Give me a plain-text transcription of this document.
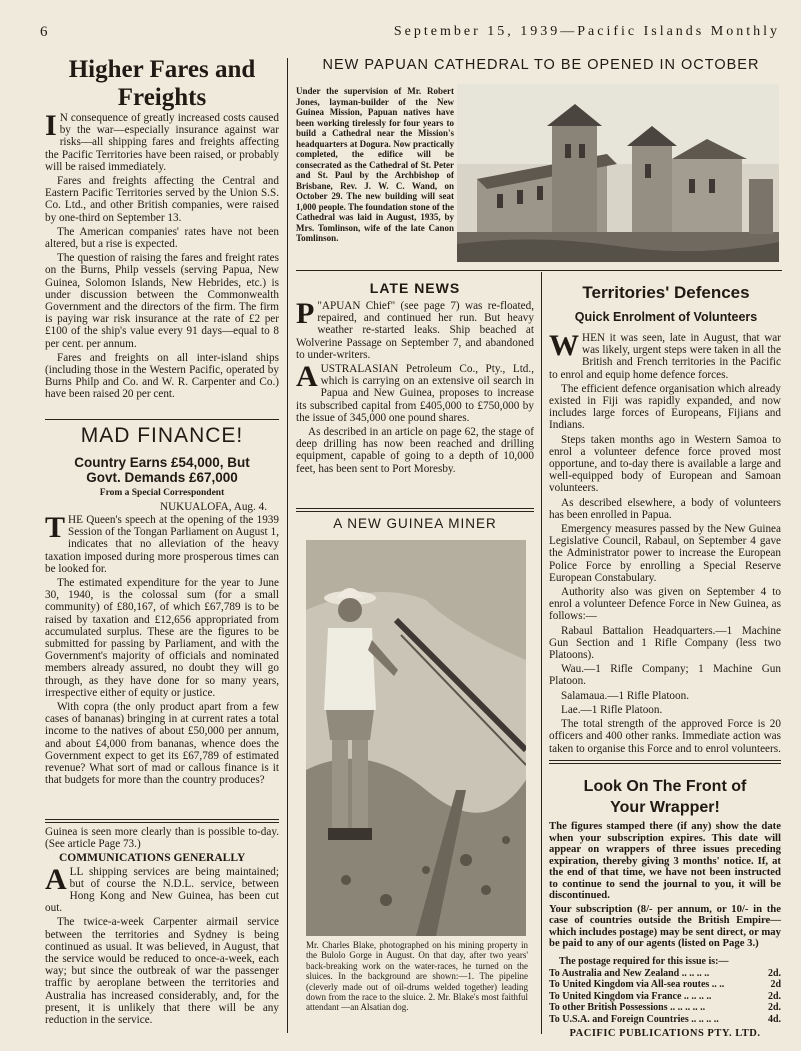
6	September 15, 1939—Pacific Islands Monthly
Higher Fares and
Freights

I N consequence of greatly increased costs caused by the war—especially insurance against war risks—all shipping fares and freights affecting the Pacific Territories have been raised, or probably will be raised immediately.

Fares and freights affecting the Central and Eastern Pacific Territories served by the Union S.S. Co. Ltd., and other British companies, were raised by one-third on September 13.

The American companies' rates have not been altered, but a rise is expected.

The question of raising the fares and freight rates on the Burns, Philp vessels (serving Papua, New Guinea, Solomon Islands, New Hebrides, etc.) is under discussion between the Commonwealth Government and the directors of the firm. The firm is paying war risk insurance at the rate of £2 per £100 of the ship's value every 91 days—equal to 8 per cent. per annum.

Fares and freights on all inter-island ships (including those in the Western Pacific, operated by Burns Philp and Co. and W. R. Carpenter and Co.) have been raised 20 per cent.

MAD FINANCE!
Country Earns £54,000, But
Govt. Demands £67,000
From a Special Correspondent
NUKUALOFA, Aug. 4.

THE Queen's speech at the opening of the 1939 Session of the Tongan Parliament on August 1, indicates that no alleviation of the heavy taxation imposed during more prosperous times can be looked for.

The estimated expenditure for the year to June 30, 1940, is the colossal sum (for a small community) of £80,167, of which £67,789 is to be raised by taxation and £12,656 appropriated from accumulated surplus. These are the figures to be submitted for passing by Parliament, and with the Government's majority of officials and nominated members already assured, no doubt they will go through, as they have done for so many years, irrespective either of equity or justice.

With copra (the only product apart from a few cases of bananas) bringing in at current rates a total income to the natives of about £50,000 per annum, and about £4,000 from bananas, whence does the Government expect to get its £67,789 of estimated revenue? What sort of mad or callous finance is it that budgets for more than the country produces?

Guinea is seen more clearly than is possible to-day. (See article Page 73.)

COMMUNICATIONS GENERALLY

ALL shipping services are being maintained; but of course the N.D.L. service, between Hong Kong and New Guinea, has been cut out.

The twice-a-week Carpenter airmail service between the territories and Sydney is being continued as usual. It was believed, in August, that the service would be reduced to once-a-week, each way; but since the outbreak of war the passenger traffic by aeroplane between the territories and Australia has increased considerably, and, for the present, it is unlikely that there will be any reduction in the service.

NEW PAPUAN CATHEDRAL TO BE OPENED IN OCTOBER
Under the supervision of Mr. Robert Jones, layman-builder of the New Guinea Mission, Papuan natives have been working tirelessly for four years to build a Cathedral near the Mission's headquarters at Dogura. Now practically completed, the edifice will be consecrated as the Cathedral of St. Peter and St. Paul by the Archbishop of Brisbane, Rev. J. W. C. Wand, on October 29. The new building will seat 1,000 people. The foundation stone of the Cathedral was laid in August, 1935, by Mrs. Tomlinson, wife of the late Canon Tomlinson.
LATE NEWS

P "APUAN Chief" (see page 7) was re-floated, repaired, and continued her run. But heavy weather re-started leaks. Ship beached at Wolverine Passage on September 7, and abandoned to under-writers.

AUSTRALASIAN Petroleum Co., Pty., Ltd., which is carrying on an extensive oil search in Papua and New Guinea, proposes to increase its subscribed capital from £405,000 to £750,000 by the issue of 345,000 one pound shares.

As described in an article on page 62, the stage of deep drilling has now been reached and drilling equipment, capable of going to a depth of 10,000 feet, has been sent to Port Moresby.

A NEW GUINEA MINER
Mr. Charles Blake, photographed on his mining property in the Bulolo Gorge in August. On that day, after two years' back-breaking work on the water-races, he turned on the sluices. In the background are shown:—1. The pipeline (cleverly made out of oil-drums welded together) leading down from the race to the sluice. 2. Mr. Blake's most faithful attendant —an Alsatian dog.
Territories' Defences
Quick Enrolment of Volunteers

WHEN it was seen, late in August, that war was likely, urgent steps were taken in all the British and French territories in the Pacific to enrol and equip home defence forces.

The efficient defence organisation which already existed in Fiji was rapidly expanded, and now includes large forces of Europeans, Fijians and Indians.

Steps taken months ago in Western Samoa to enrol a volunteer defence force proved most opportune, and to-day there is available a large and well-equipped body of European and Samoan volunteers.

As described elsewhere, a body of volunteers has been enrolled in Papua.

Emergency measures passed by the New Guinea Legislative Council, Rabaul, on September 4 gave the Administrator power to increase the European Police Force by enrolling a Special Reserve European Constabulary.

Authority also was given on September 4 to enrol a volunteer Defence Force in New Guinea, as follows:—

Rabaul Battalion Headquarters.—1 Machine Gun Section and 1 Rifle Company (less two Platoons).

Wau.—1 Rifle Company; 1 Machine Gun Platoon.

Salamaua.—1 Rifle Platoon.

Lae.—1 Rifle Platoon.

The total strength of the approved Force is 20 officers and 400 other ranks. Immediate action was taken to organise this Force and to enrol volunteers.

Look On The Front of
Your Wrapper!

The figures stamped there (if any) show the date when your subscription expires. This date will appear on wrappers of three issues preceding expiration, thereby giving 3 months' notice. If, at the end of that time, we have not been instructed to continue to send the journal to you, it will be discontinued.

Your subscription (8/- per annum, or 10/- in the case of countries outside the British Empire—which includes postage) may be sent direct, or may be paid to any of our agents (listed on Page 3.)

The postage required for this issue is:—
To Australia and New Zealand .. .. .. ..	2d.
To United Kingdom via All-sea routes .. ..	2d
To United Kingdom via France .. .. .. ..	2d.
To other British Possessions .. .. .. .. ..	2d.
To U.S.A. and Foreign Countries .. .. .. ..	4d.
PACIFIC PUBLICATIONS PTY. LTD.
